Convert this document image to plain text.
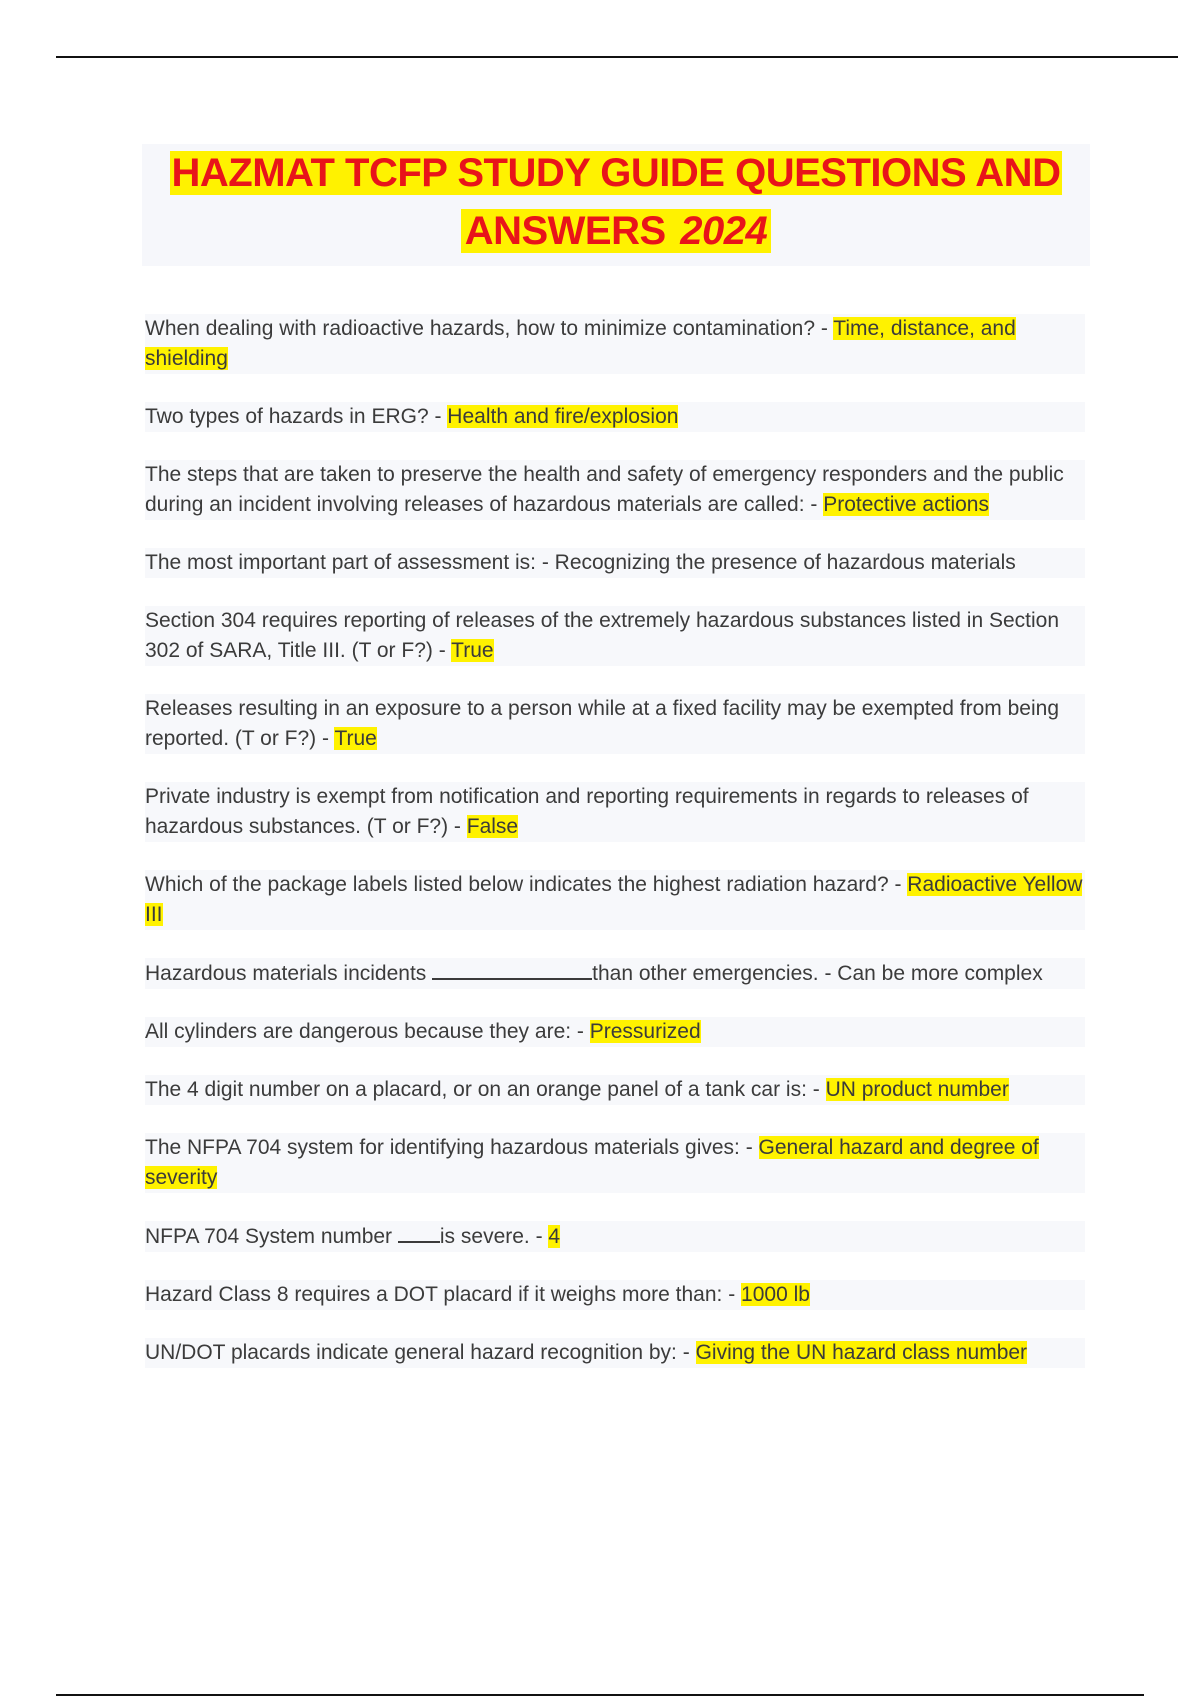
HAZMAT TCFP STUDY GUIDE QUESTIONS AND
ANSWERS 2024

When dealing with radioactive hazards, how to minimize contamination? - Time, distance, and shielding

Two types of hazards in ERG? - Health and fire/explosion

The steps that are taken to preserve the health and safety of emergency responders and the public during an incident involving releases of hazardous materials are called: - Protective actions

The most important part of assessment is: - Recognizing the presence of hazardous materials

Section 304 requires reporting of releases of the extremely hazardous substances listed in Section 302 of SARA, Title III. (T or F?) - True

Releases resulting in an exposure to a person while at a fixed facility may be exempted from being reported. (T or F?) - True

Private industry is exempt from notification and reporting requirements in regards to releases of hazardous substances. (T or F?) - False

Which of the package labels listed below indicates the highest radiation hazard? - Radioactive Yellow III

Hazardous materials incidents	than other emergencies. - Can be more complex

All cylinders are dangerous because they are: - Pressurized

The 4 digit number on a placard, or on an orange panel of a tank car is: - UN product number

The NFPA 704 system for identifying hazardous materials gives: - General hazard and degree of severity

NFPA 704 System number is severe. - 4

Hazard Class 8 requires a DOT placard if it weighs more than: - 1000 lb

UN/DOT placards indicate general hazard recognition by: - Giving the UN hazard class number
